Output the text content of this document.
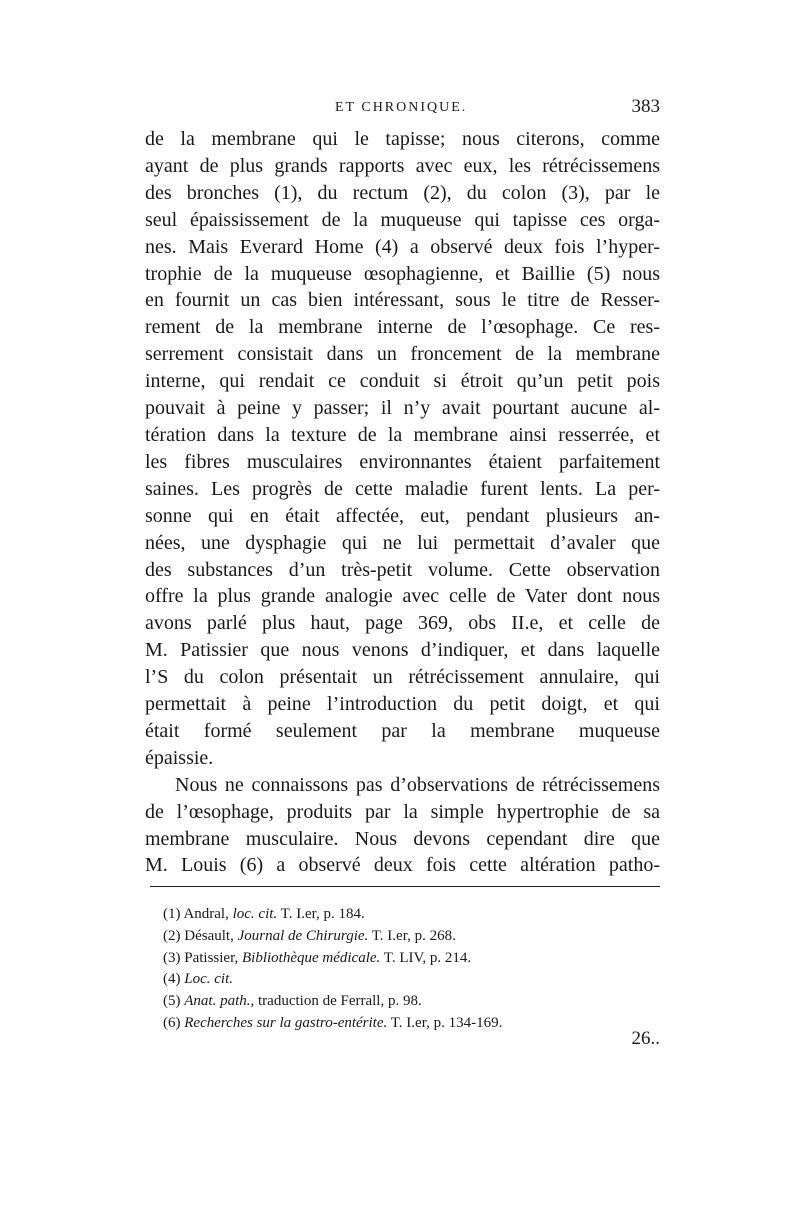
ET CHRONIQUE.	383
de la membrane qui le tapisse; nous citerons, comme
ayant de plus grands rapports avec eux, les rétrécissemens
des bronches (1), du rectum (2), du colon (3), par le
seul épaississement de la muqueuse qui tapisse ces orga-
nes. Mais Everard Home (4) a observé deux fois l’hyper-
trophie de la muqueuse œsophagienne, et Baillie (5) nous
en fournit un cas bien intéressant, sous le titre de Resser-
rement de la membrane interne de l’œsophage. Ce res-
serrement consistait dans un froncement de la membrane
interne, qui rendait ce conduit si étroit qu’un petit pois
pouvait à peine y passer; il n’y avait pourtant aucune al-
tération dans la texture de la membrane ainsi resserrée, et
les fibres musculaires environnantes étaient parfaitement
saines. Les progrès de cette maladie furent lents. La per-
sonne qui en était affectée, eut, pendant plusieurs an-
nées, une dysphagie qui ne lui permettait d’avaler que
des substances d’un très-petit volume. Cette observation
offre la plus grande analogie avec celle de Vater dont nous
avons parlé plus haut, page 369, obs II.e, et celle de
M. Patissier que nous venons d’indiquer, et dans laquelle
l’S du colon présentait un rétrécissement annulaire, qui
permettait à peine l’introduction du petit doigt, et qui
était formé seulement par la membrane muqueuse
épaissie.
Nous ne connaissons pas d’observations de rétrécissemens
de l’œsophage, produits par la simple hypertrophie de sa
membrane musculaire. Nous devons cependant dire que
M. Louis (6) a observé deux fois cette altération patho-
(1) Andral, loc. cit. T. I.er, p. 184.
(2) Désault, Journal de Chirurgie. T. I.er, p. 268.
(3) Patissier, Bibliothèque médicale. T. LIV, p. 214.
(4) Loc. cit.
(5) Anat. path., traduction de Ferrall, p. 98.
(6) Recherches sur la gastro-entérite. T. I.er, p. 134-169.
26..
